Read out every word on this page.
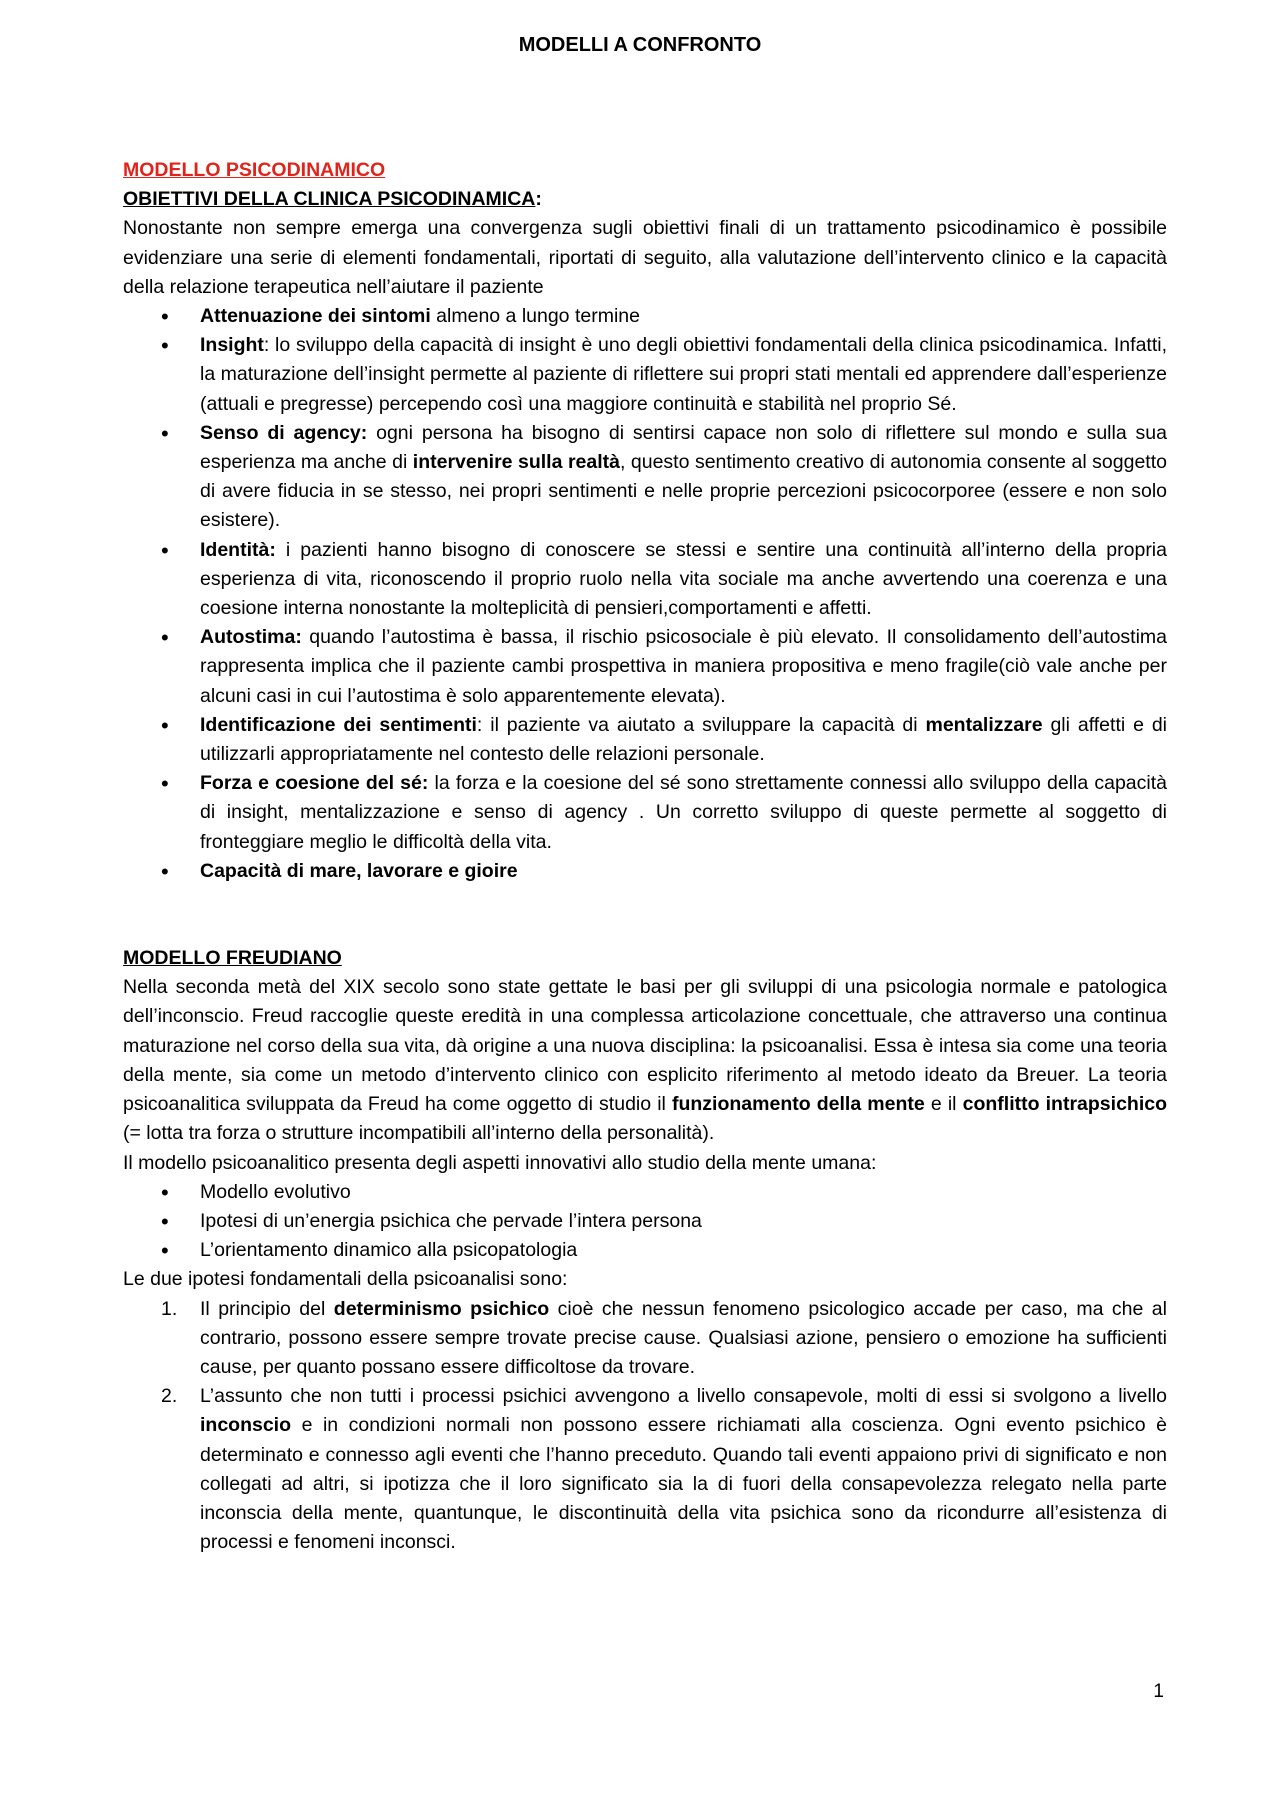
MODELLI A CONFRONTO
MODELLO PSICODINAMICO
OBIETTIVI DELLA CLINICA PSICODINAMICA:
Nonostante non sempre emerga una convergenza sugli obiettivi finali di un trattamento psicodinamico è possibile evidenziare una serie di elementi fondamentali, riportati di seguito, alla valutazione dell’intervento clinico e la capacità della relazione terapeutica nell’aiutare il paziente
• Attenuazione dei sintomi almeno a lungo termine
• Insight: lo sviluppo della capacità di insight è uno degli obiettivi fondamentali della clinica psicodinamica. Infatti, la maturazione dell’insight permette al paziente di riflettere sui propri stati mentali ed apprendere dall’esperienze (attuali e pregresse) percependo così una maggiore continuità e stabilità nel proprio Sé.
• Senso di agency: ogni persona ha bisogno di sentirsi capace non solo di riflettere sul mondo e sulla sua esperienza ma anche di intervenire sulla realtà, questo sentimento creativo di autonomia consente al soggetto di avere fiducia in se stesso, nei propri sentimenti e nelle proprie percezioni psicocorporee (essere e non solo esistere).
• Identità: i pazienti hanno bisogno di conoscere se stessi e sentire una continuità all’interno della propria esperienza di vita, riconoscendo il proprio ruolo nella vita sociale ma anche avvertendo una coerenza e una coesione interna nonostante la molteplicità di pensieri,comportamenti e affetti.
• Autostima: quando l’autostima è bassa, il rischio psicosociale è più elevato. Il consolidamento dell’autostima rappresenta implica che il paziente cambi prospettiva in maniera propositiva e meno fragile(ciò vale anche per alcuni casi in cui l’autostima è solo apparentemente elevata).
• Identificazione dei sentimenti: il paziente va aiutato a sviluppare la capacità di mentalizzare gli affetti e di utilizzarli appropriatamente nel contesto delle relazioni personale.
• Forza e coesione del sé: la forza e la coesione del sé sono strettamente connessi allo sviluppo della capacità di insight, mentalizzazione e senso di agency . Un corretto sviluppo di queste permette al soggetto di fronteggiare meglio le difficoltà della vita.
• Capacità di mare, lavorare e gioire
MODELLO FREUDIANO
Nella seconda metà del XIX secolo sono state gettate le basi per gli sviluppi di una psicologia normale e patologica dell’inconscio. Freud raccoglie queste eredità in una complessa articolazione concettuale, che attraverso una continua maturazione nel corso della sua vita, dà origine a una nuova disciplina: la psicoanalisi. Essa è intesa sia come una teoria della mente, sia come un metodo d’intervento clinico con esplicito riferimento al metodo ideato da Breuer. La teoria psicoanalitica sviluppata da Freud ha come oggetto di studio il funzionamento della mente e il conflitto intrapsichico (= lotta tra forza o strutture incompatibili all’interno della personalità).
Il modello psicoanalitico presenta degli aspetti innovativi allo studio della mente umana:
• Modello evolutivo
• Ipotesi di un’energia psichica che pervade l’intera persona
• L’orientamento dinamico alla psicopatologia
Le due ipotesi fondamentali della psicoanalisi sono:
1. Il principio del determinismo psichico cioè che nessun fenomeno psicologico accade per caso, ma che al contrario, possono essere sempre trovate precise cause. Qualsiasi azione, pensiero o emozione ha sufficienti cause, per quanto possano essere difficoltose da trovare.
2. L’assunto che non tutti i processi psichici avvengono a livello consapevole, molti di essi si svolgono a livello inconscio e in condizioni normali non possono essere richiamati alla coscienza. Ogni evento psichico è determinato e connesso agli eventi che l’hanno preceduto. Quando tali eventi appaiono privi di significato e non collegati ad altri, si ipotizza che il loro significato sia la di fuori della consapevolezza relegato nella parte inconscia della mente, quantunque, le discontinuità della vita psichica sono da ricondurre all’esistenza di processi e fenomeni inconsci.
1
